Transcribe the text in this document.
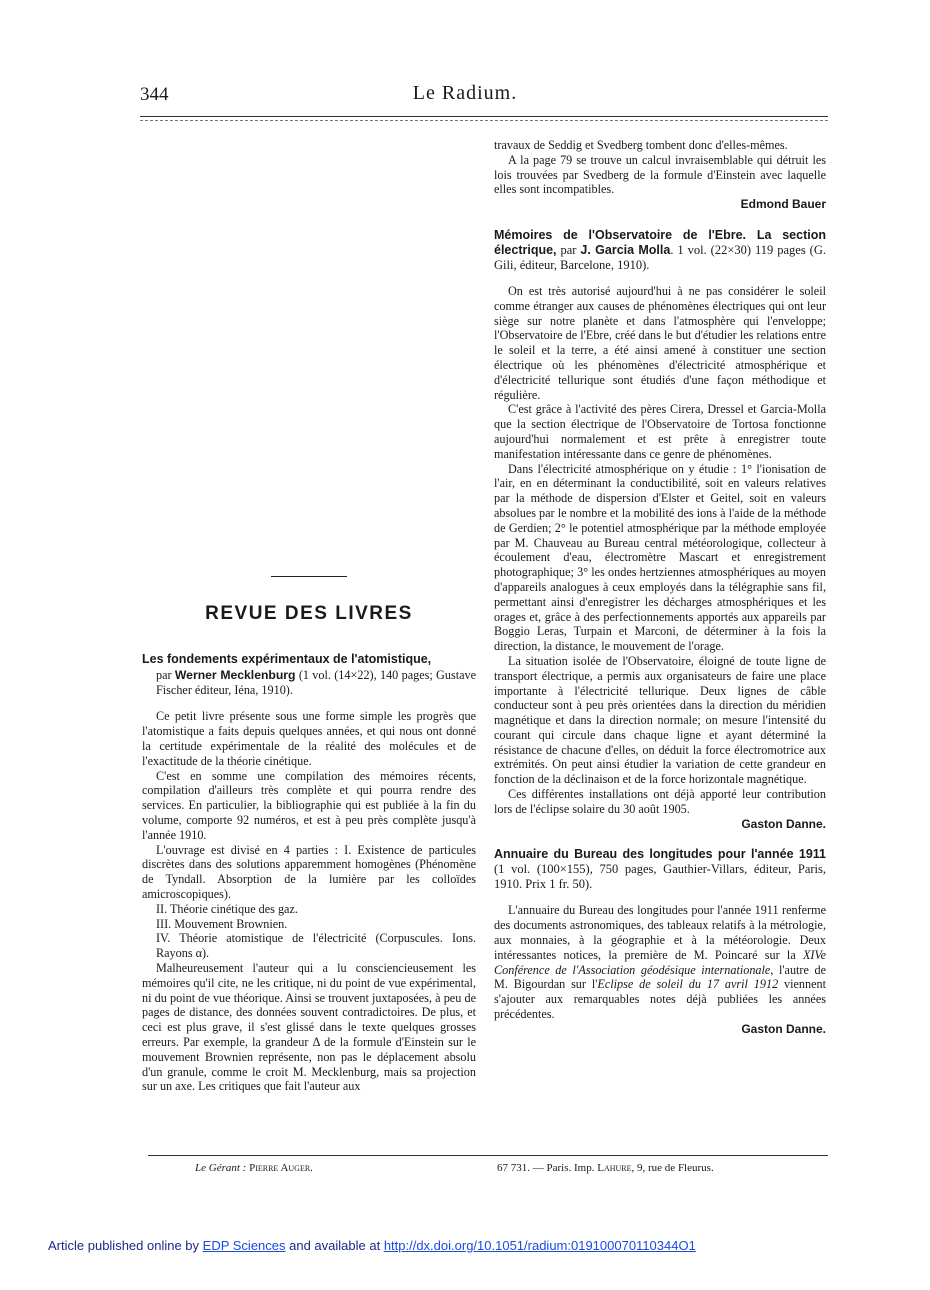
344	Le Radium.
REVUE DES LIVRES
Les fondements expérimentaux de l'atomistique,
par Werner Mecklenburg (1 vol. (14×22), 140 pages; Gustave Fischer éditeur, Iéna, 1910).

Ce petit livre présente sous une forme simple les progrès que l'atomistique a faits depuis quelques années, et qui nous ont donné la certitude expérimentale de la réalité des molécules et de l'exactitude de la théorie cinétique.

C'est en somme une compilation des mémoires récents, compilation d'ailleurs très complète et qui pourra rendre des services. En particulier, la bibliographie qui est publiée à la fin du volume, comporte 92 numéros, et est à peu près complète jusqu'à l'année 1910.

L'ouvrage est divisé en 4 parties : I. Existence de particules discrètes dans des solutions apparemment homogènes (Phénomène de Tyndall. Absorption de la lumière par les colloïdes amicroscopiques).

II. Théorie cinétique des gaz.

III. Mouvement Brownien.

IV. Théorie atomistique de l'électricité (Corpuscules. Ions. Rayons α).

Malheureusement l'auteur qui a lu consciencieusement les mémoires qu'il cite, ne les critique, ni du point de vue expérimental, ni du point de vue théorique. Ainsi se trouvent juxtaposées, à peu de pages de distance, des données souvent contradictoires. De plus, et ceci est plus grave, il s'est glissé dans le texte quelques grosses erreurs. Par exemple, la grandeur Δ de la formule d'Einstein sur le mouvement Brownien représente, non pas le déplacement absolu d'un granule, comme le croit M. Mecklenburg, mais sa projection sur un axe. Les critiques que fait l'auteur aux

travaux de Seddig et Svedberg tombent donc d'elles-mêmes.

A la page 79 se trouve un calcul invraisemblable qui détruit les lois trouvées par Svedberg de la formule d'Einstein avec laquelle elles sont incompatibles.

Edmond Bauer
Mémoires de l'Observatoire de l'Ebre. La section électrique, par J. Garcia Molla. 1 vol. (22×30) 119 pages (G. Gili, éditeur, Barcelone, 1910).

On est très autorisé aujourd'hui à ne pas considérer le soleil comme étranger aux causes de phénomènes électriques qui ont leur siège sur notre planète et dans l'atmosphère qui l'enveloppe; l'Observatoire de l'Ebre, créé dans le but d'étudier les relations entre le soleil et la terre, a été ainsi amené à constituer une section électrique où les phénomènes d'électricité atmosphérique et d'électricité tellurique sont étudiés d'une façon méthodique et régulière.

C'est grâce à l'activité des pères Cirera, Dressel et Garcia-Molla que la section électrique de l'Observatoire de Tortosa fonctionne aujourd'hui normalement et est prête à enregistrer toute manifestation intéressante dans ce genre de phénomènes.

Dans l'électricité atmosphérique on y étudie : 1° l'ionisation de l'air, en en déterminant la conductibilité, soit en valeurs relatives par la méthode de dispersion d'Elster et Geitel, soit en valeurs absolues par le nombre et la mobilité des ions à l'aide de la méthode de Gerdien; 2° le potentiel atmosphérique par la méthode employée par M. Chauveau au Bureau central météorologique, collecteur à écoulement d'eau, électromètre Mascart et enregistrement photographique; 3° les ondes hertziennes atmosphériques au moyen d'appareils analogues à ceux employés dans la télégraphie sans fil, permettant ainsi d'enregistrer les décharges atmosphériques et les orages et, grâce à des perfectionnements apportés aux appareils par Boggio Leras, Turpain et Marconi, de déterminer à la fois la direction, la distance, le mouvement de l'orage.

La situation isolée de l'Observatoire, éloigné de toute ligne de transport électrique, a permis aux organisateurs de faire une place importante à l'électricité tellurique. Deux lignes de câble conducteur sont à peu près orientées dans la direction du méridien magnétique et dans la direction normale; on mesure l'intensité du courant qui circule dans chaque ligne et ayant déterminé la résistance de chacune d'elles, on déduit la force électromotrice aux extrémités. On peut ainsi étudier la variation de cette grandeur en fonction de la déclinaison et de la force horizontale magnétique.

Ces différentes installations ont déjà apporté leur contribution lors de l'éclipse solaire du 30 août 1905.

Gaston Danne.
Annuaire du Bureau des longitudes pour l'année 1911 (1 vol. (100×155), 750 pages, Gauthier-Villars, éditeur, Paris, 1910. Prix 1 fr. 50).

L'annuaire du Bureau des longitudes pour l'année 1911 renferme des documents astronomiques, des tableaux relatifs à la métrologie, aux monnaies, à la géographie et à la météorologie. Deux intéressantes notices, la première de M. Poincaré sur la XIVe Conférence de l'Association géodésique internationale, l'autre de M. Bigourdan sur l'Eclipse de soleil du 17 avril 1912 viennent s'ajouter aux remarquables notes déjà publiées les années précédentes.

Gaston Danne.
Le Gérant : Pierre Auger.	67 731. — Paris. Imp. Lahure, 9, rue de Fleurus.
Article published online by EDP Sciences and available at http://dx.doi.org/10.1051/radium:019100070110344O1
